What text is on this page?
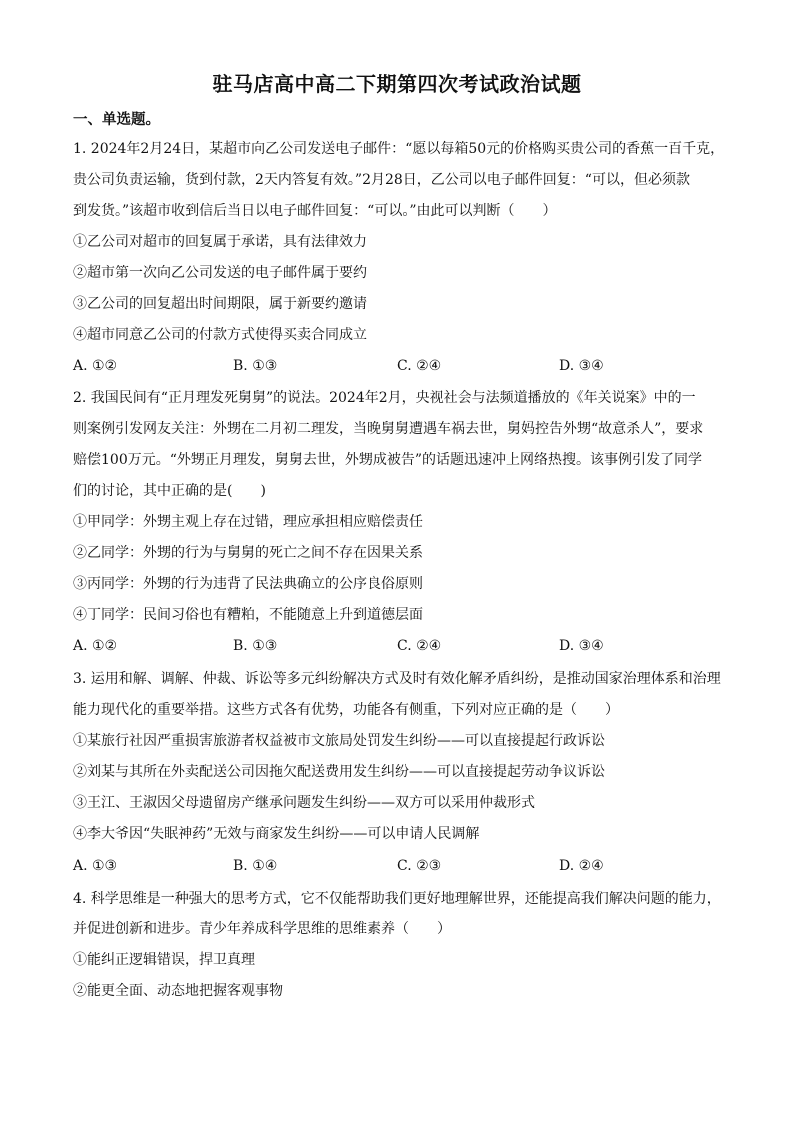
驻马店高中高二下期第四次考试政治试题
一、单选题。
1. 2024年2月24日，某超市向乙公司发送电子邮件：“愿以每箱50元的价格购买贵公司的香蕉一百千克，
贵公司负责运输，货到付款，2天内答复有效。”2月28日，乙公司以电子邮件回复：“可以，但必须款
到发货。”该超市收到信后当日以电子邮件回复：“可以。”由此可以判断（　　）
①乙公司对超市的回复属于承诺，具有法律效力
②超市第一次向乙公司发送的电子邮件属于要约
③乙公司的回复超出时间期限，属于新要约邀请
④超市同意乙公司的付款方式使得买卖合同成立
A. ①②	B. ①③	C. ②④	D. ③④
2. 我国民间有“正月理发死舅舅”的说法。2024年2月，央视社会与法频道播放的《年关说案》中的一
则案例引发网友关注：外甥在二月初二理发，当晚舅舅遭遇车祸去世，舅妈控告外甥“故意杀人”，要求
赔偿100万元。“外甥正月理发，舅舅去世，外甥成被告”的话题迅速冲上网络热搜。该事例引发了同学
们的讨论，其中正确的是(　　)
①甲同学：外甥主观上存在过错，理应承担相应赔偿责任
②乙同学：外甥的行为与舅舅的死亡之间不存在因果关系
③丙同学：外甥的行为违背了民法典确立的公序良俗原则
④丁同学：民间习俗也有糟粕，不能随意上升到道德层面
A. ①②	B. ①③	C. ②④	D. ③④
3. 运用和解、调解、仲裁、诉讼等多元纠纷解决方式及时有效化解矛盾纠纷，是推动国家治理体系和治理
能力现代化的重要举措。这些方式各有优势，功能各有侧重，下列对应正确的是（　　）
①某旅行社因严重损害旅游者权益被市文旅局处罚发生纠纷——可以直接提起行政诉讼
②刘某与其所在外卖配送公司因拖欠配送费用发生纠纷——可以直接提起劳动争议诉讼
③王江、王淑因父母遗留房产继承问题发生纠纷——双方可以采用仲裁形式
④李大爷因“失眠神药”无效与商家发生纠纷——可以申请人民调解
A. ①③	B. ①④	C. ②③	D. ②④
4. 科学思维是一种强大的思考方式，它不仅能帮助我们更好地理解世界，还能提高我们解决问题的能力，
并促进创新和进步。青少年养成科学思维的思维素养（　　）
①能纠正逻辑错误，捍卫真理
②能更全面、动态地把握客观事物
